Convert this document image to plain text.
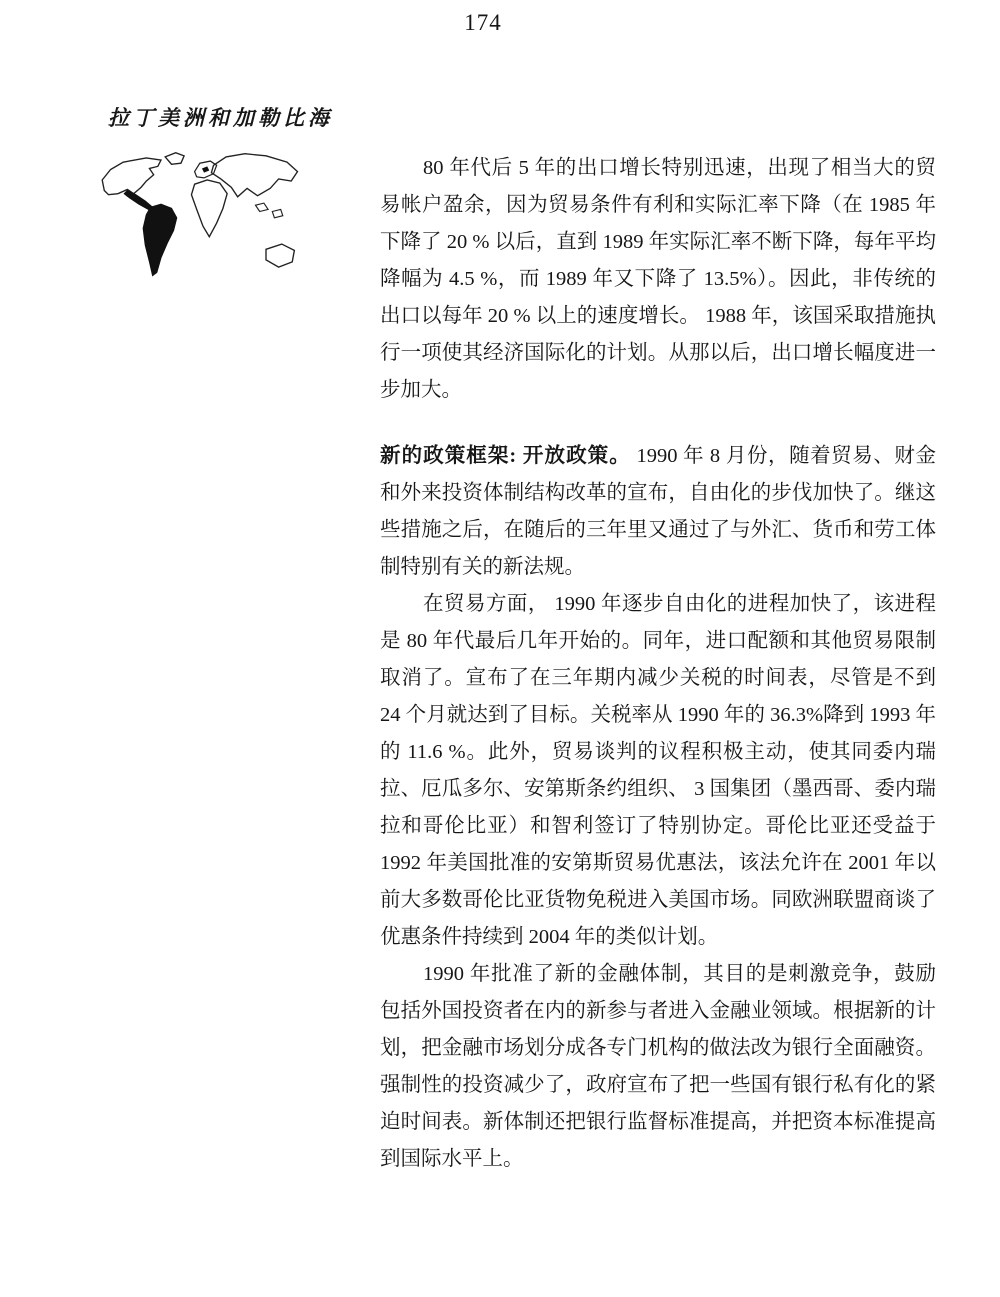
174
拉丁美洲和加勒比海

80 年代后 5 年的出口增长特别迅速，出现了相当大的贸易帐户盈余，因为贸易条件有利和实际汇率下降（在 1985 年下降了 20 % 以后，直到 1989 年实际汇率不断下降，每年平均降幅为 4.5 %，而 1989 年又下降了 13.5%）。因此，非传统的出口以每年 20 % 以上的速度增长。 1988 年，该国采取措施执行一项使其经济国际化的计划。从那以后，出口增长幅度进一步加大。

新的政策框架: 开放政策。 1990 年 8 月份，随着贸易、财金和外来投资体制结构改革的宣布，自由化的步伐加快了。继这些措施之后，在随后的三年里又通过了与外汇、货币和劳工体制特别有关的新法规。

在贸易方面， 1990 年逐步自由化的进程加快了，该进程是 80 年代最后几年开始的。同年，进口配额和其他贸易限制取消了。宣布了在三年期内减少关税的时间表，尽管是不到 24 个月就达到了目标。关税率从 1990 年的 36.3%降到 1993 年的 11.6 %。此外，贸易谈判的议程积极主动，使其同委内瑞拉、厄瓜多尔、安第斯条约组织、 3 国集团（墨西哥、委内瑞拉和哥伦比亚）和智利签订了特别协定。哥伦比亚还受益于 1992 年美国批准的安第斯贸易优惠法，该法允许在 2001 年以前大多数哥伦比亚货物免税进入美国市场。同欧洲联盟商谈了优惠条件持续到 2004 年的类似计划。

1990 年批准了新的金融体制，其目的是刺激竞争，鼓励包括外国投资者在内的新参与者进入金融业领域。根据新的计划，把金融市场划分成各专门机构的做法改为银行全面融资。强制性的投资减少了，政府宣布了把一些国有银行私有化的紧迫时间表。新体制还把银行监督标准提高，并把资本标准提高到国际水平上。
